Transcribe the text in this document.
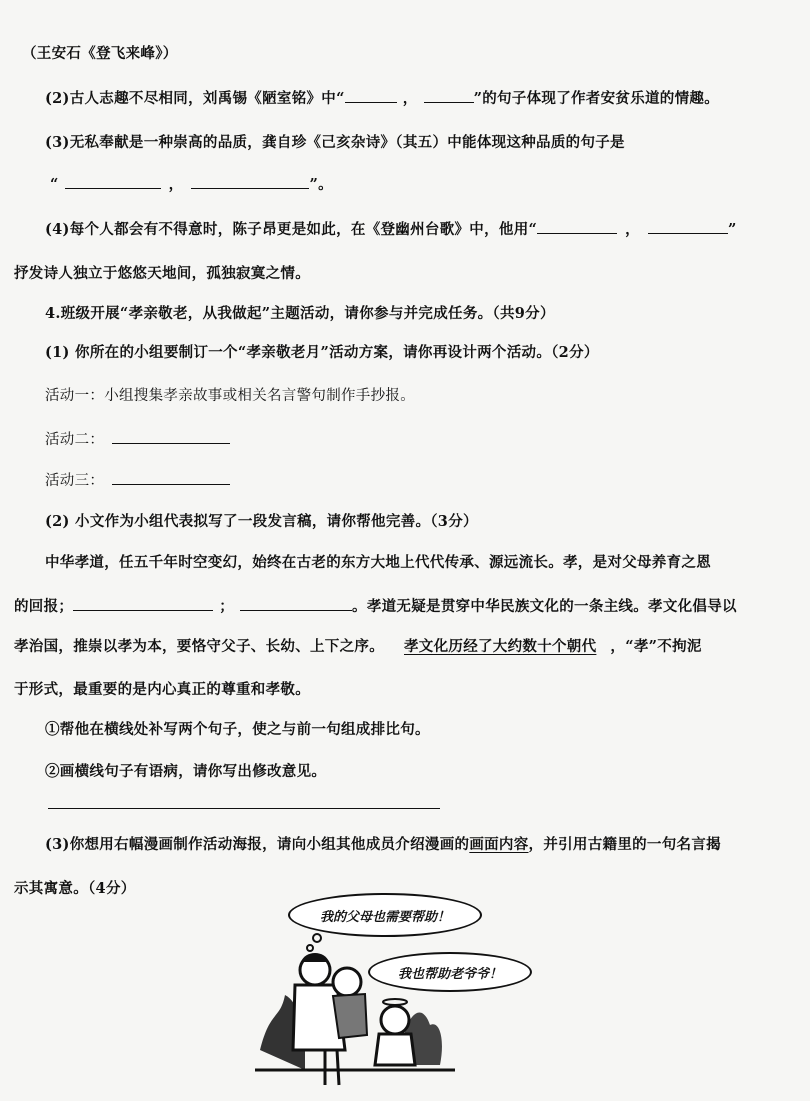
（王安石《登飞来峰》）
(2)古人志趣不尽相同，刘禹锡《陋室铭》中“	，	”的句子体现了作者安贫乐道的情趣。
(3)无私奉献是一种崇高的品质，龚自珍《己亥杂诗》（其五）中能体现这种品质的句子是
“	，	”。
(4)每个人都会有不得意时，陈子昂更是如此，在《登幽州台歌》中，他用“	，	”
抒发诗人独立于悠悠天地间，孤独寂寞之情。
4.班级开展“孝亲敬老，从我做起”主题活动，请你参与并完成任务。（共9分）
(1) 你所在的小组要制订一个“孝亲敬老月”活动方案，请你再设计两个活动。（2分）
活动一：小组搜集孝亲故事或相关名言警句制作手抄报。
活动二：
活动三：
(2) 小文作为小组代表拟写了一段发言稿，请你帮他完善。（3分）
中华孝道，任五千年时空变幻，始终在古老的东方大地上代代传承、源远流长。孝，是对父母养育之恩
的回报；	；	。孝道无疑是贯穿中华民族文化的一条主线。孝文化倡导以
孝治国，推崇以孝为本，要恪守父子、长幼、上下之序。 孝文化历经了大约数十个朝代 ，“孝”不拘泥
于形式，最重要的是内心真正的尊重和孝敬。
①帮他在横线处补写两个句子，使之与前一句组成排比句。
②画横线句子有语病，请你写出修改意见。
(3)你想用右幅漫画制作活动海报，请向小组其他成员介绍漫画的画面内容，并引用古籍里的一句名言揭
示其寓意。（4分）
我的父母也需要帮助！
我也帮助老爷爷！
